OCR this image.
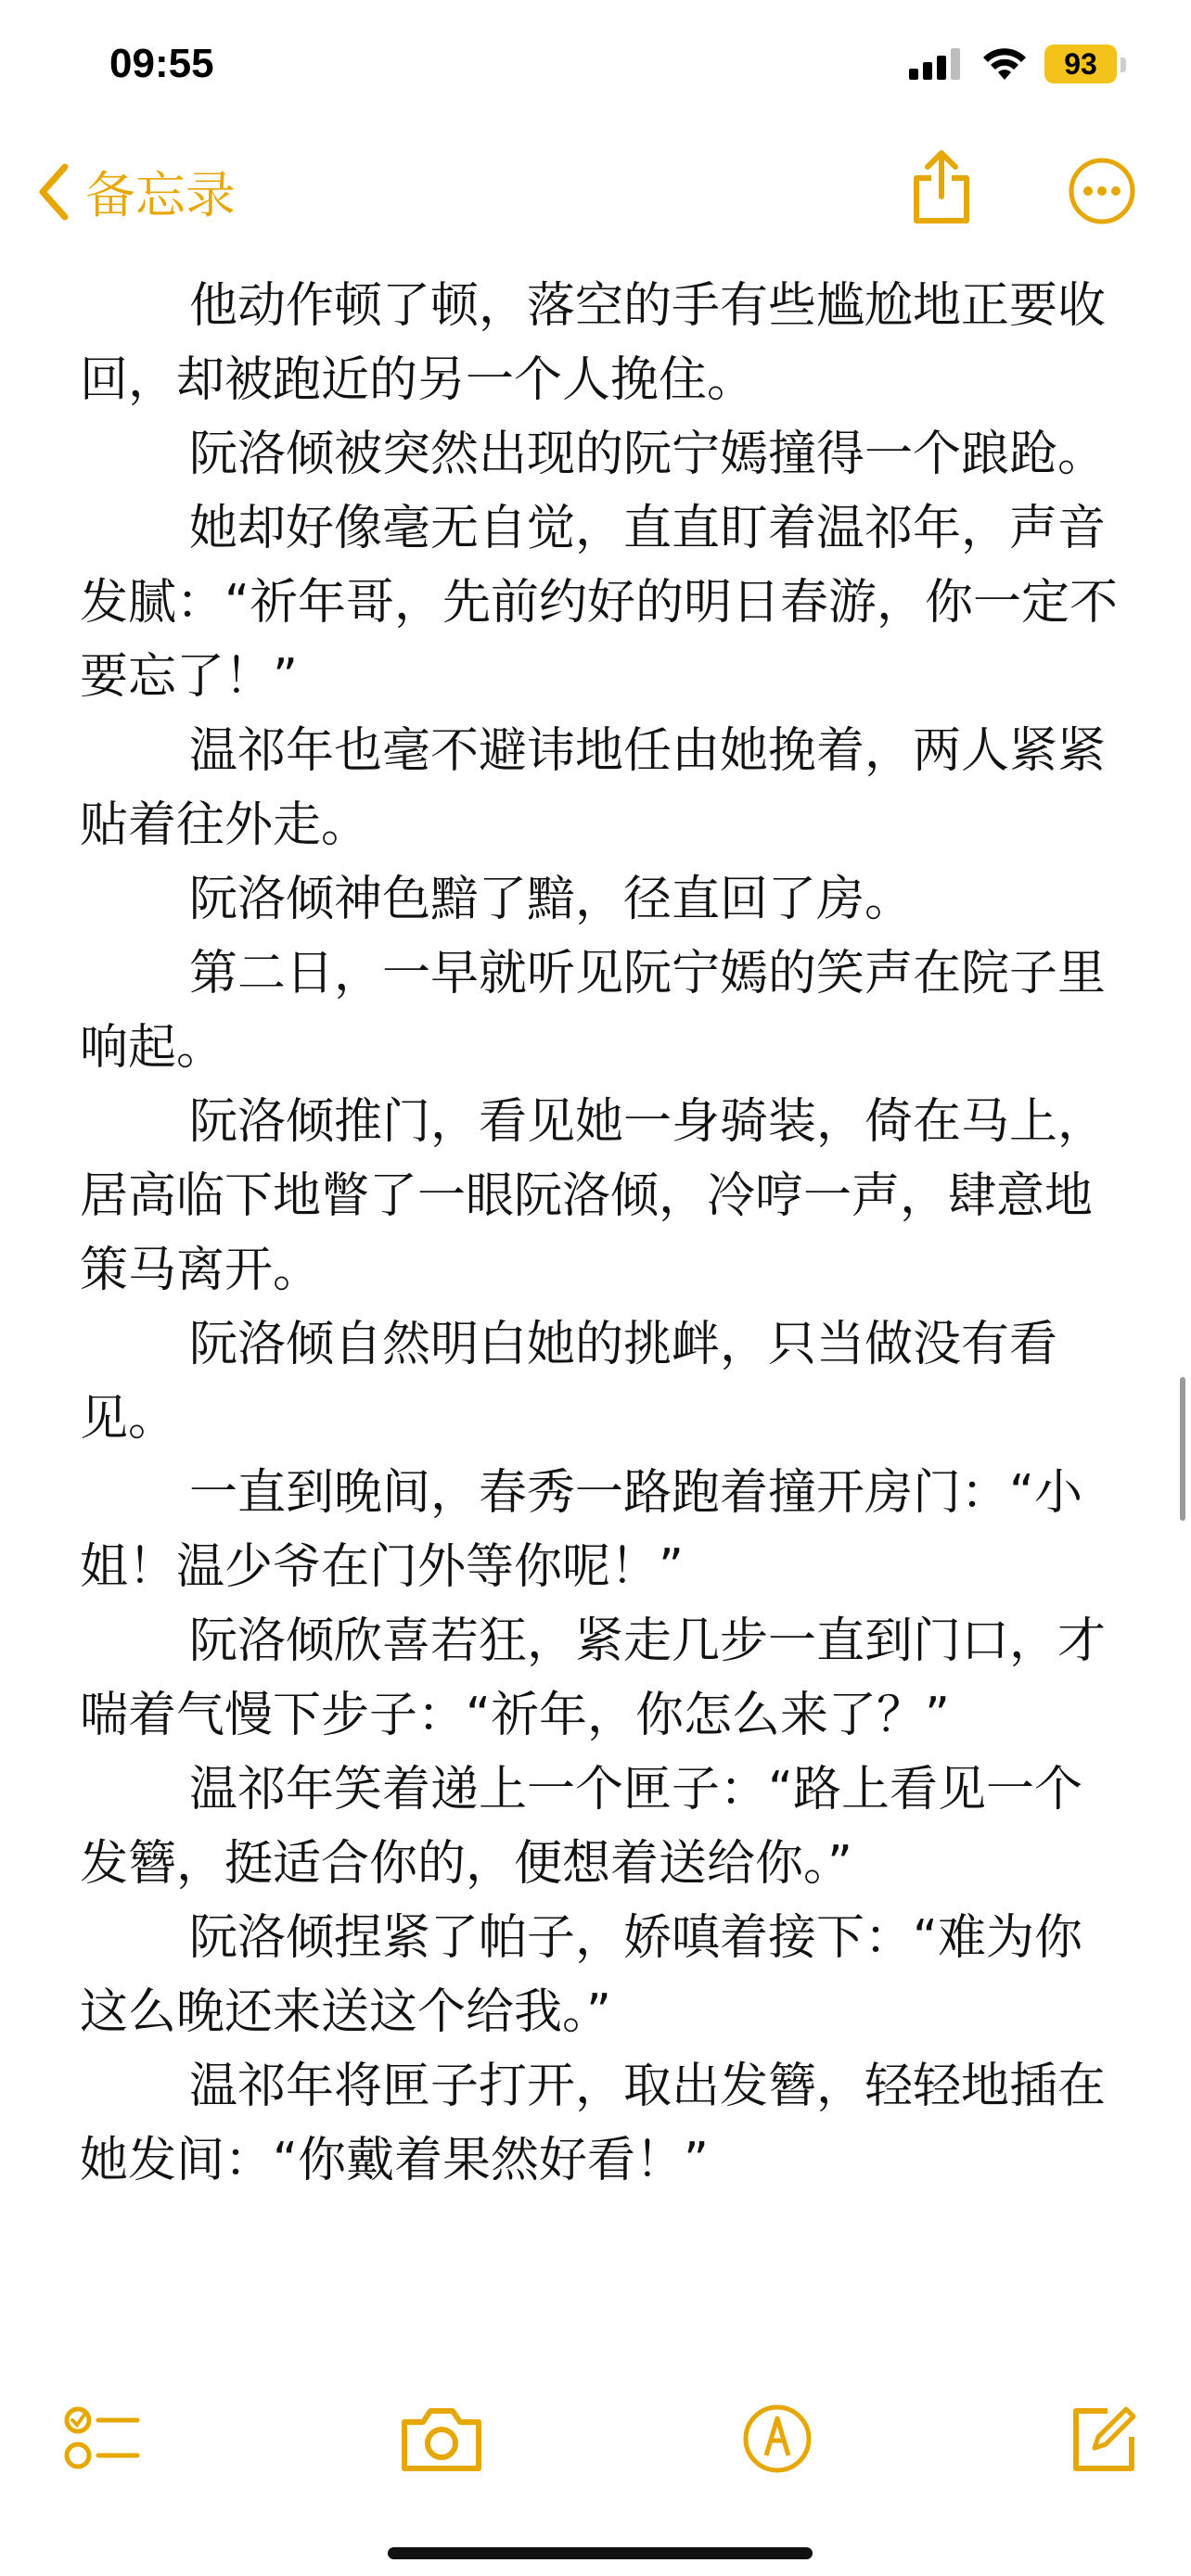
09:55	93
备忘录

他动作顿了顿，落空的手有些尴尬地正要收回，却被跑近的另一个人挽住。

阮洛倾被突然出现的阮宁嫣撞得一个踉跄。

她却好像毫无自觉，直直盯着温祁年，声音发腻：“祈年哥，先前约好的明日春游，你一定不要忘了！”

温祁年也毫不避讳地任由她挽着，两人紧紧贴着往外走。

阮洛倾神色黯了黯，径直回了房。

第二日，一早就听见阮宁嫣的笑声在院子里响起。

阮洛倾推门，看见她一身骑装，倚在马上，居高临下地瞥了一眼阮洛倾，冷哼一声，肆意地策马离开。

阮洛倾自然明白她的挑衅，只当做没有看见。

一直到晚间，春秀一路跑着撞开房门：“小姐！温少爷在门外等你呢！”

阮洛倾欣喜若狂，紧走几步一直到门口，才喘着气慢下步子：“祈年，你怎么来了？”

温祁年笑着递上一个匣子：“路上看见一个发簪，挺适合你的，便想着送给你。”

阮洛倾捏紧了帕子，娇嗔着接下：“难为你这么晚还来送这个给我。”

温祁年将匣子打开，取出发簪，轻轻地插在她发间：“你戴着果然好看！”
